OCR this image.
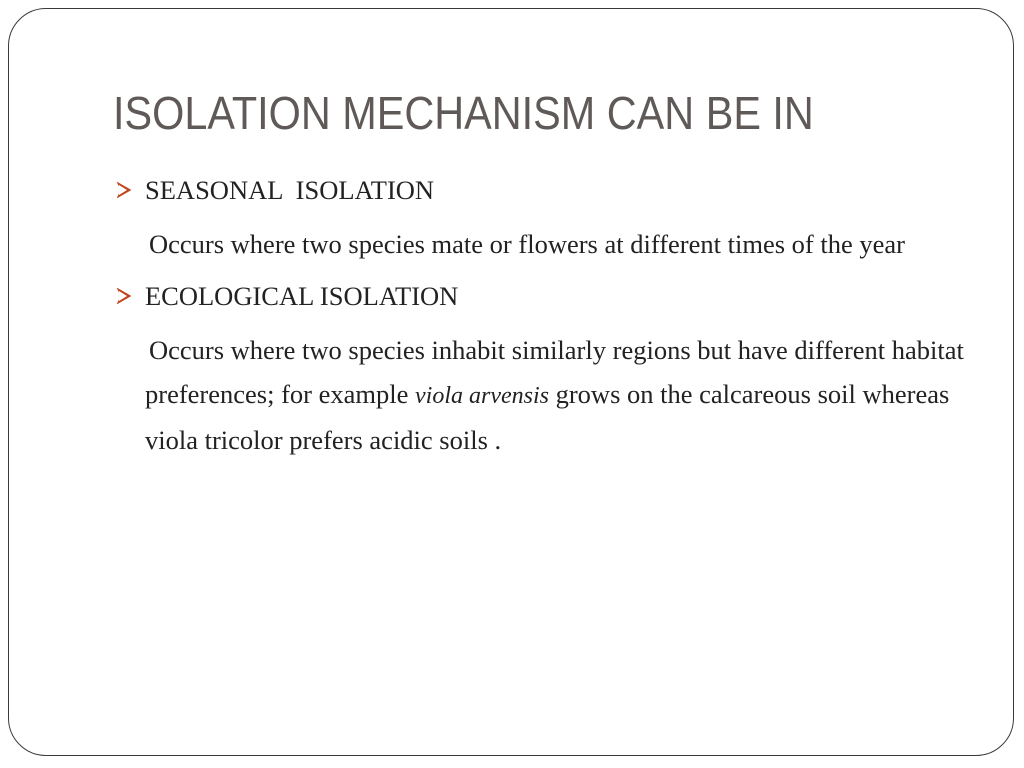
ISOLATION MECHANISM CAN BE IN
SEASONAL  ISOLATION
Occurs where two species mate or flowers at different times of the year
ECOLOGICAL ISOLATION
Occurs where two species inhabit similarly regions but have different habitat preferences; for example viola arvensis grows on the calcareous soil whereas viola tricolor prefers acidic soils .
